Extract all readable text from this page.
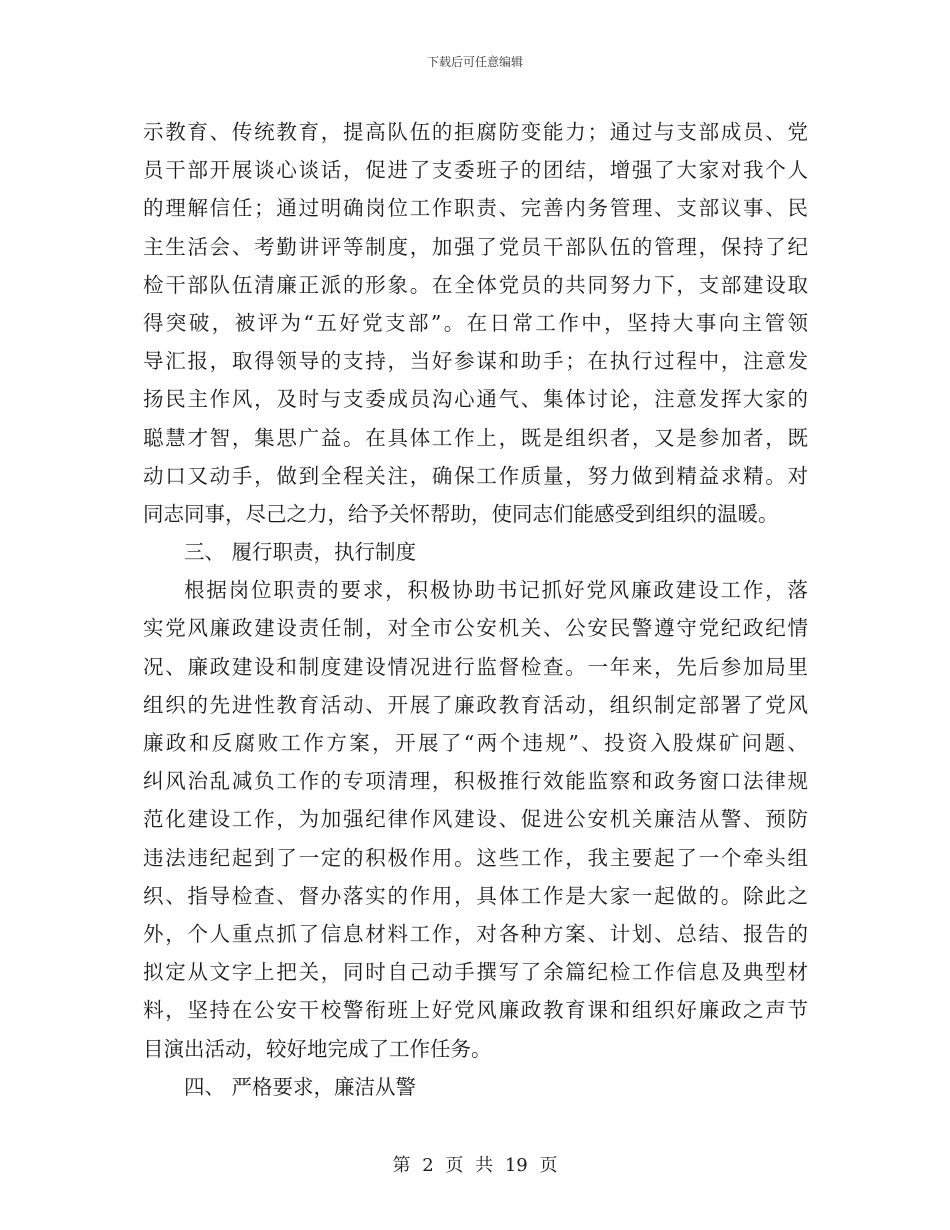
下载后可任意编辑
示教育、传统教育，提高队伍的拒腐防变能力；通过与支部成员、党
员干部开展谈心谈话，促进了支委班子的团结，增强了大家对我个人
的理解信任；通过明确岗位工作职责、完善内务管理、支部议事、民
主生活会、考勤讲评等制度，加强了党员干部队伍的管理，保持了纪
检干部队伍清廉正派的形象。在全体党员的共同努力下，支部建设取
得突破，被评为“五好党支部”。在日常工作中，坚持大事向主管领
导汇报，取得领导的支持，当好参谋和助手；在执行过程中，注意发
扬民主作风，及时与支委成员沟心通气、集体讨论，注意发挥大家的
聪慧才智，集思广益。在具体工作上，既是组织者，又是参加者，既
动口又动手，做到全程关注，确保工作质量，努力做到精益求精。对
同志同事，尽己之力，给予关怀帮助，使同志们能感受到组织的温暖。
三、 履行职责，执行制度
根据岗位职责的要求，积极协助书记抓好党风廉政建设工作，落
实党风廉政建设责任制，对全市公安机关、公安民警遵守党纪政纪情
况、廉政建设和制度建设情况进行监督检查。一年来，先后参加局里
组织的先进性教育活动、开展了廉政教育活动，组织制定部署了党风
廉政和反腐败工作方案，开展了“两个违规”、投资入股煤矿问题、
纠风治乱减负工作的专项清理，积极推行效能监察和政务窗口法律规
范化建设工作，为加强纪律作风建设、促进公安机关廉洁从警、预防
违法违纪起到了一定的积极作用。这些工作，我主要起了一个牵头组
织、指导检查、督办落实的作用，具体工作是大家一起做的。除此之
外，个人重点抓了信息材料工作，对各种方案、计划、总结、报告的
拟定从文字上把关，同时自己动手撰写了余篇纪检工作信息及典型材
料，坚持在公安干校警衔班上好党风廉政教育课和组织好廉政之声节
目演出活动，较好地完成了工作任务。
四、 严格要求，廉洁从警
第 2 页 共 19 页
